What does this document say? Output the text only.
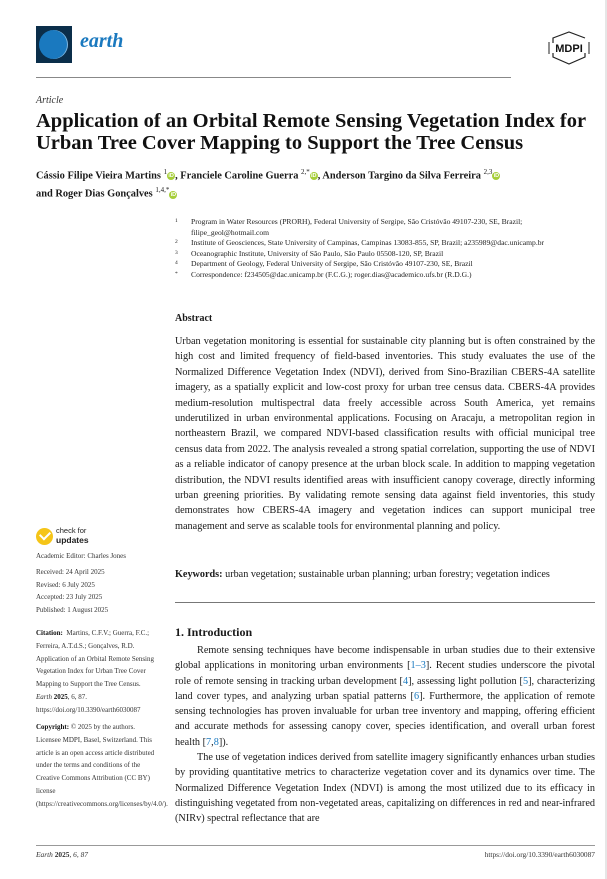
earth	MDPI
Article
Application of an Orbital Remote Sensing Vegetation Index for Urban Tree Cover Mapping to Support the Tree Census
Cássio Filipe Vieira Martins $^1$iD, Franciele Caroline Guerra $^{2,*}$iD, Anderson Targino da Silva Ferreira $^{2,3}$iD
and Roger Dias Gonçalves $^{1,4,*}$iD
1 Program in Water Resources (PRORH), Federal University of Sergipe, São Cristóvão 49107-230, SE, Brazil; filipe_geol@hotmail.com
2 Institute of Geosciences, State University of Campinas, Campinas 13083-855, SP, Brazil; a235989@dac.unicamp.br
3 Oceanographic Institute, University of São Paulo, São Paulo 05508-120, SP, Brazil
4 Department of Geology, Federal University of Sergipe, São Cristóvão 49107-230, SE, Brazil
* Correspondence: f234505@dac.unicamp.br (F.C.G.); roger.dias@academico.ufs.br (R.D.G.)
Abstract
Urban vegetation monitoring is essential for sustainable city planning but is often constrained by the high cost and limited frequency of field-based inventories. This study evaluates the use of the Normalized Difference Vegetation Index (NDVI), derived from Sino-Brazilian CBERS-4A satellite imagery, as a spatially explicit and low-cost proxy for urban tree census data. CBERS-4A provides medium-resolution multispectral data freely accessible across South America, yet remains underutilized in urban environmental applications. Focusing on Aracaju, a metropolitan region in northeastern Brazil, we compared NDVI-based classification results with official municipal tree census data from 2022. The analysis revealed a strong spatial correlation, supporting the use of NDVI as a reliable indicator of canopy presence at the urban block scale. In addition to mapping vegetation distribution, the NDVI results identified areas with insufficient canopy coverage, directly informing urban greening priorities. By validating remote sensing data against field inventories, this study demonstrates how CBERS-4A imagery and vegetation indices can support municipal tree management and serve as scalable tools for environmental planning and policy.
Keywords: urban vegetation; sustainable urban planning; urban forestry; vegetation indices
1. Introduction

Remote sensing techniques have become indispensable in urban studies due to their extensive global applications in monitoring urban environments [1–3]. Recent studies underscore the pivotal role of remote sensing in tracking urban development [4], assessing light pollution [5], characterizing land cover types, and analyzing urban spatial patterns [6]. Furthermore, the application of remote sensing technologies has proven invaluable for urban tree inventory and mapping, offering efficient and accurate methods for assessing canopy cover, species identification, and overall urban forest health [7,8]).

The use of vegetation indices derived from satellite imagery significantly enhances urban studies by providing quantitative metrics to characterize vegetation cover and its dynamics over time. The Normalized Difference Vegetation Index (NDVI) is among the most utilized due to its efficacy in distinguishing vegetated from non-vegetated areas, capitalizing on differences in red and near-infrared (NIRv) spectral reflectance that are

check for
updates
Academic Editor: Charles Jones
Received: 24 April 2025
Revised: 6 July 2025
Accepted: 23 July 2025
Published: 1 August 2025
Citation: Martins, C.F.V.; Guerra, F.C.; Ferreira, A.T.d.S.; Gonçalves, R.D. Application of an Orbital Remote Sensing Vegetation Index for Urban Tree Cover Mapping to Support the Tree Census. Earth 2025, 6, 87. https://doi.org/10.3390/earth6030087
Copyright: © 2025 by the authors. Licensee MDPI, Basel, Switzerland. This article is an open access article distributed under the terms and conditions of the Creative Commons Attribution (CC BY) license (https://creativecommons.org/licenses/by/4.0/).
Earth 2025, 6, 87	https://doi.org/10.3390/earth6030087
